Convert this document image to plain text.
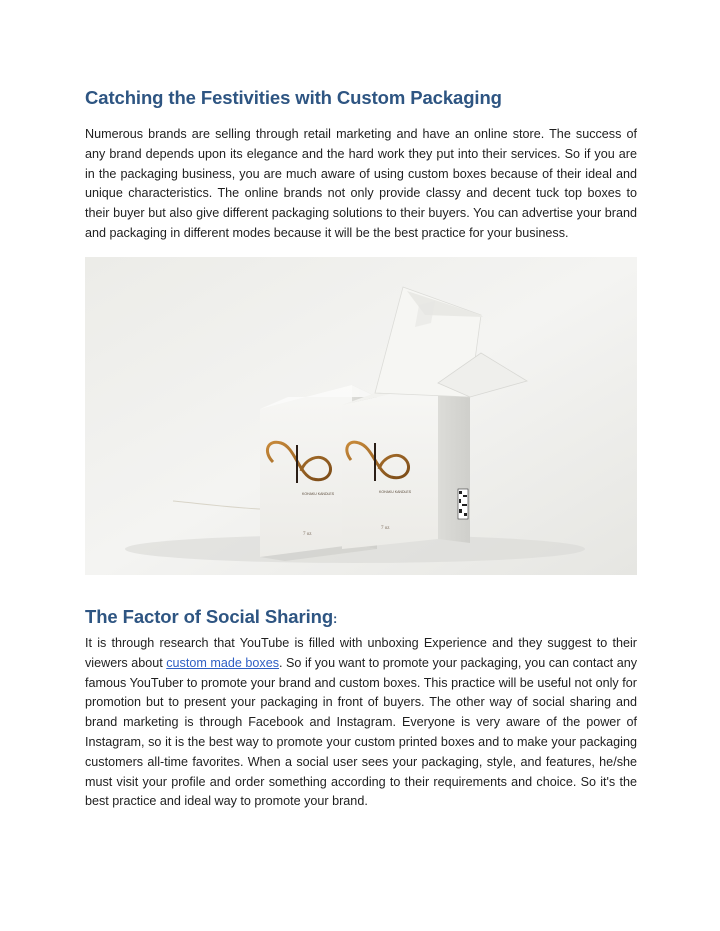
Catching the Festivities with Custom Packaging

Numerous brands are selling through retail marketing and have an online store. The success of any brand depends upon its elegance and the hard work they put into their services. So if you are in the packaging business, you are much aware of using custom boxes because of their ideal and unique characteristics. The online brands not only provide classy and decent tuck top boxes to their buyer but also give different packaging solutions to their buyers. You can advertise your brand and packaging in different modes because it will be the best practice for your business.

KOHAKU KANDLES
7 oz
KOHAKU KANDLES
7 oz
The Factor of Social Sharing:

It is through research that YouTube is filled with unboxing Experience and they suggest to their viewers about custom made boxes. So if you want to promote your packaging, you can contact any famous YouTuber to promote your brand and custom boxes. This practice will be useful not only for promotion but to present your packaging in front of buyers. The other way of social sharing and brand marketing is through Facebook and Instagram. Everyone is very aware of the power of Instagram, so it is the best way to promote your custom printed boxes and to make your packaging customers all-time favorites. When a social user sees your packaging, style, and features, he/she must visit your profile and order something according to their requirements and choice. So it's the best practice and ideal way to promote your brand.
